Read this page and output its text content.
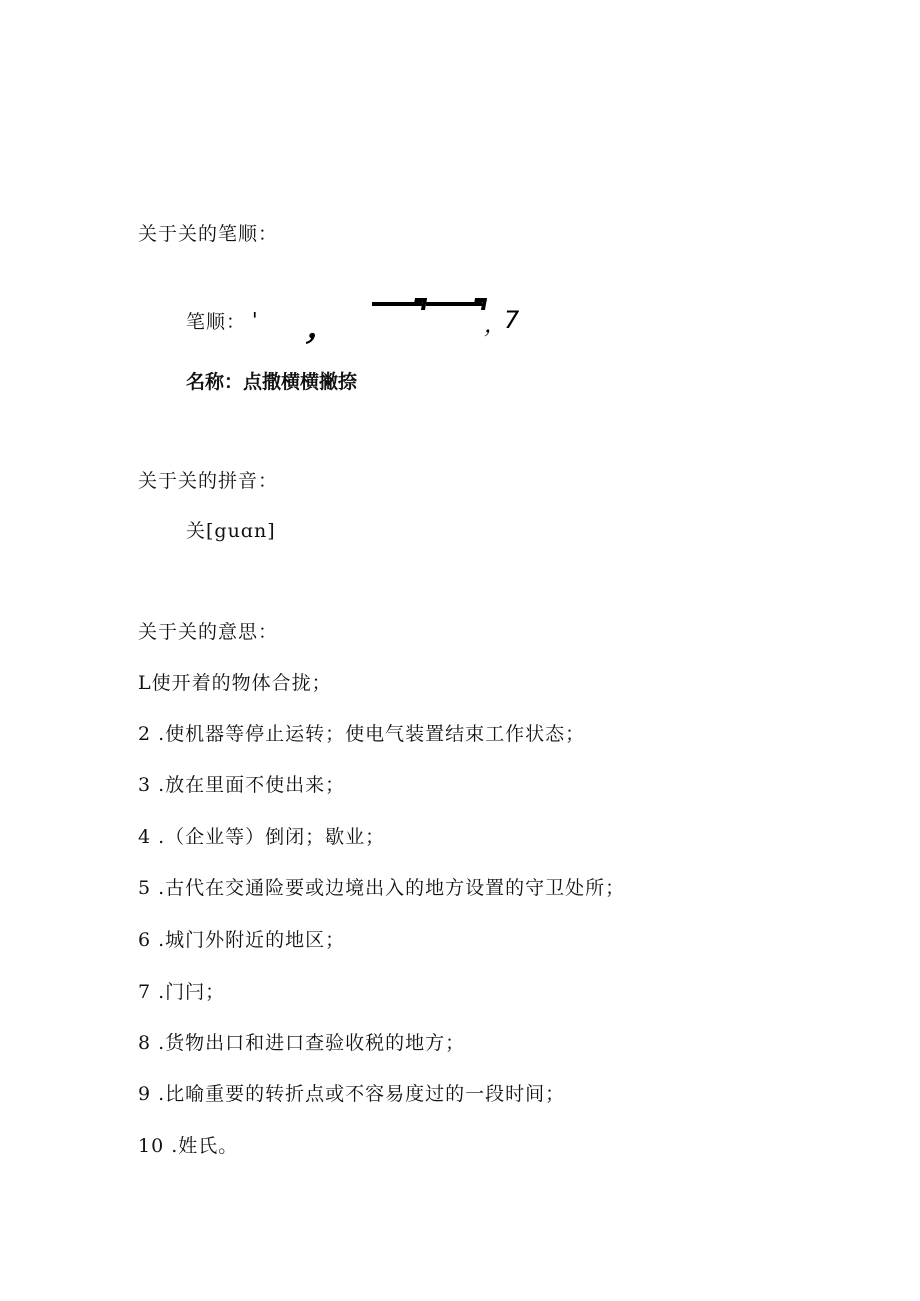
关于关的笔顺：
笔顺： ' ，	，
7
名称：点撒横横撇捺
关于关的拼音：
关[guɑn]
关于关的意思：
L使开着的物体合拢；
2 .使机器等停止运转；使电气装置结束工作状态；
3 .放在里面不使出来；
4 .（企业等）倒闭；歇业；
5 .古代在交通险要或边境出入的地方设置的守卫处所；
6 .城门外附近的地区；
7 .门闩；
8 .货物出口和进口查验收税的地方；
9 .比喻重要的转折点或不容易度过的一段时间；
10 .姓氏。
